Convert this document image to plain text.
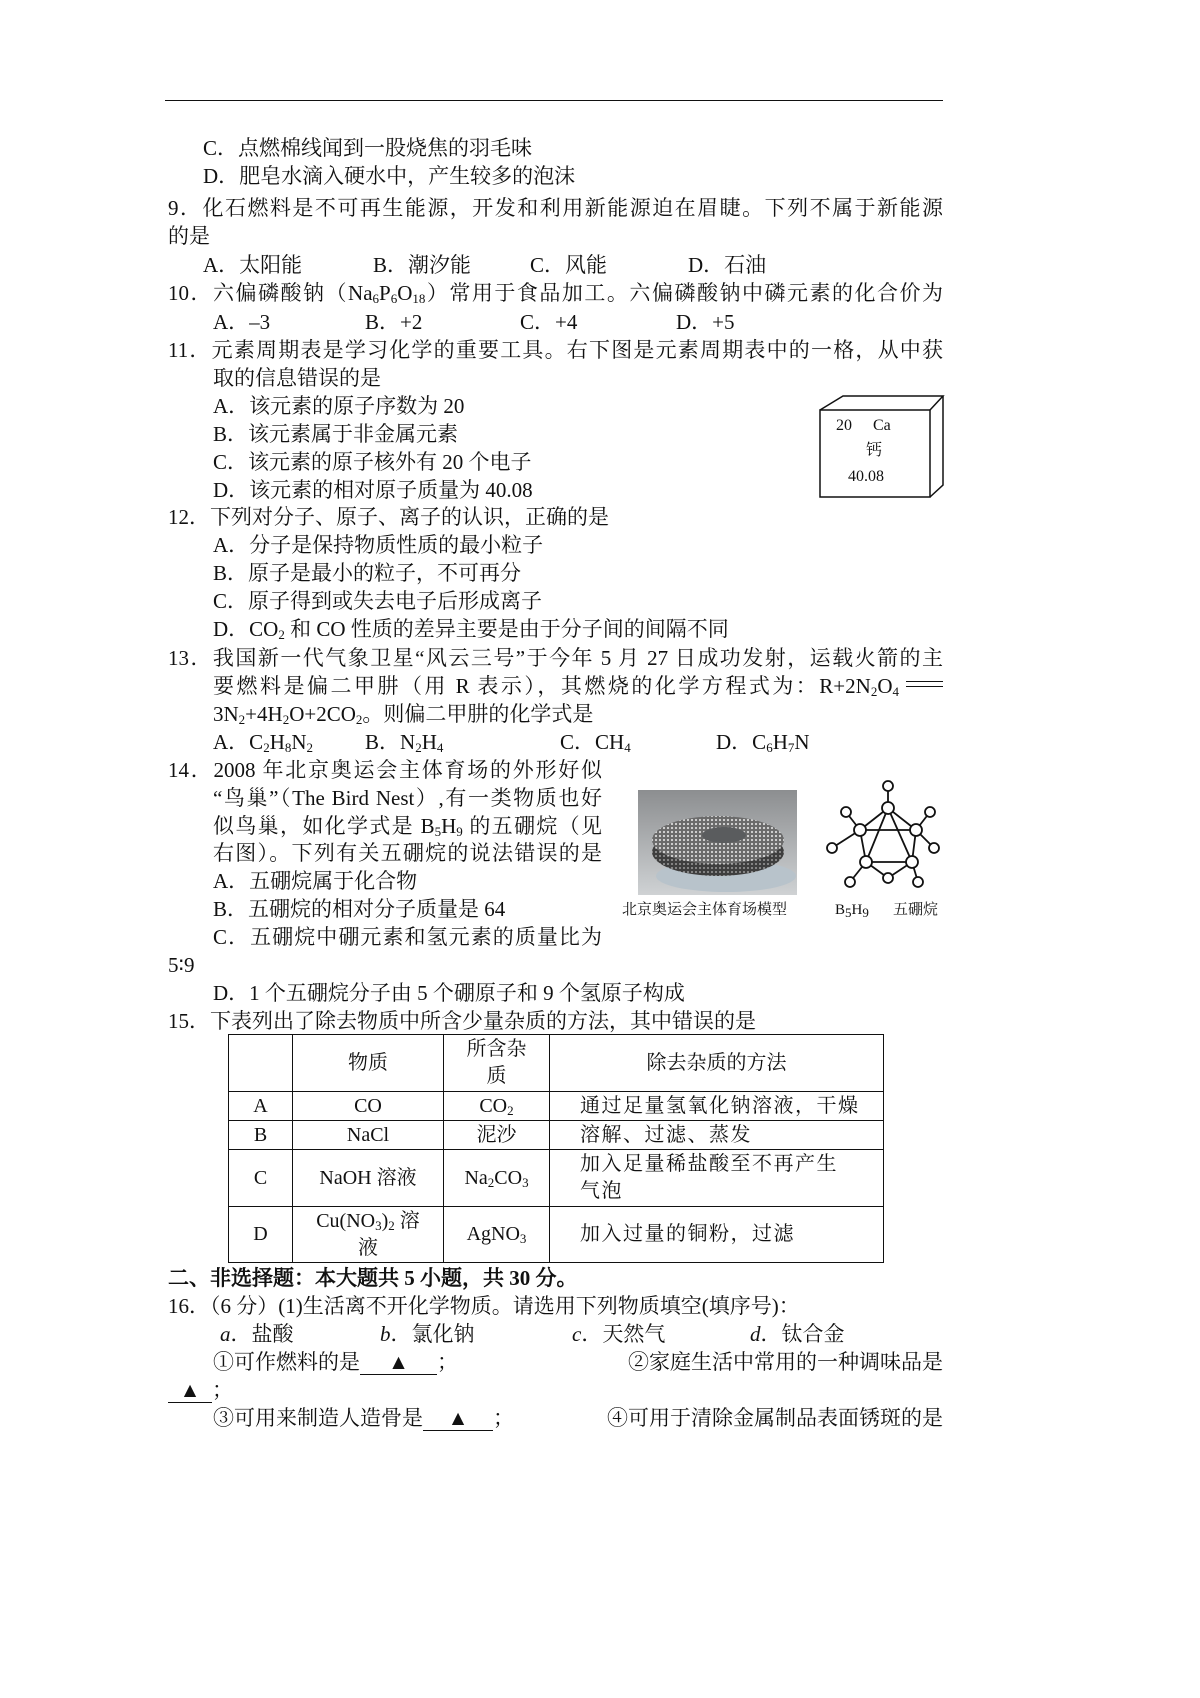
C．点燃棉线闻到一股烧焦的羽毛味
D．肥皂水滴入硬水中，产生较多的泡沫
9．化石燃料是不可再生能源，开发和利用新能源迫在眉睫。下列不属于新能源
的是
A．太阳能	B．潮汐能	C．风能	D．石油
10．六偏磷酸钠$(Na_6P_6O_{18})$常用于食品加工。六偏磷酸钠中磷元素的化合价为
A．–3	B．+2	C．+4	D．+5
11．元素周期表是学习化学的重要工具。右下图是元素周期表中的一格，从中获
取的信息错误的是
A．该元素的原子序数为 20
B．该元素属于非金属元素
C．该元素的原子核外有 20 个电子
D．该元素的相对原子质量为 40.08
20 Ca
钙
40.08
12．下列对分子、原子、离子的认识，正确的是
A．分子是保持物质性质的最小粒子
B．原子是最小的粒子，不可再分
C．原子得到或失去电子后形成离子
D．$CO_2$ 和 CO 性质的差异主要是由于分子间的间隔不同
13．我国新一代气象卫星“风云三号”于今年 5 月 27 日成功发射，运载火箭的主
要燃料是偏二甲肼（用 R 表示），其燃烧的化学方程式为：$R+2N_2O_4$
$3N_2+4H_2O+2CO_2$。则偏二甲肼的化学式是
A．$C_2H_8N_2$ B．$N_2H_4$	C．$CH_4$	D．$C_6H_7N$
14．2008 年北京奥运会主体育场的外形好似
“鸟巢”（The Bird Nest）,有一类物质也好
似鸟巢，如化学式是 $B_5H_9$ 的五硼烷（见
右图）。下列有关五硼烷的说法错误的是
A．五硼烷属于化合物
B．五硼烷的相对分子质量是 64
C．五硼烷中硼元素和氢元素的质量比为
5∶9
D．1 个五硼烷分子由 5 个硼原子和 9 个氢原子构成
北京奥运会主体育场模型	$B_5H_9$ 五硼烷
15．下表列出了除去物质中所含少量杂质的方法，其中错误的是
	物质	所含杂质	除去杂质的方法
A	CO	$CO_2$	通过足量氢氧化钠溶液，干燥
B	NaCl	泥沙	溶解、过滤、蒸发
C	NaOH 溶液	$Na_2CO_3$	加入足量稀盐酸至不再产生气泡
D	$Cu(NO_3)_2$ 溶液	AgNO$_3$	加入过量的铜粉，过滤
二、非选择题：本大题共 5 小题，共 30 分。
16．（6 分）(1)生活离不开化学物质。请选用下列物质填空(填序号)：
a．盐酸	b．氯化钠	c．天然气	d．钛合金
①可作燃料的是 ▲ ；	②家庭生活中常用的一种调味品是
▲ ；
③可用来制造人造骨是 ▲ ；	④可用于清除金属制品表面锈斑的是
